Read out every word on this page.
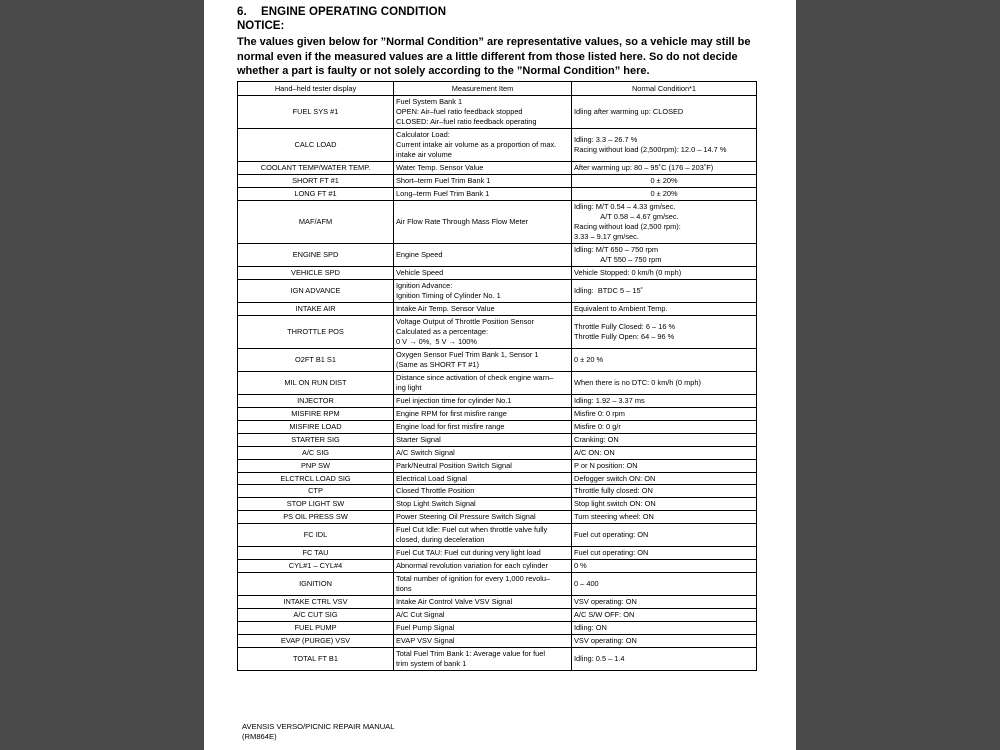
6. ENGINE OPERATING CONDITION
NOTICE:
The values given below for ”Normal Condition” are representative values, so a vehicle may still be normal even if the measured values are a little different from those listed here. So do not decide whether a part is faulty or not solely according to the ”Normal Condition” here.
Hand–held tester display	Measurement Item	Normal Condition*1
FUEL SYS #1	Fuel System Bank 1
OPEN: Air–fuel ratio feedback stopped
CLOSED: Air–fuel ratio feedback operating	Idling after warming up: CLOSED

CALC LOAD	Calculator Load:
Current intake air volume as a proportion of max.
intake air volume	Idling: 3.3 – 26.7 %
Racing without load (2,500rpm): 12.0 – 14.7 %

COOLANT TEMP/WATER TEMP.	Water Temp. Sensor Value	After warming up: 80 – 95˚C (176 – 203˚F)

SHORT FT #1	Short–term Fuel Trim Bank 1	0 ± 20%

LONG FT #1	Long–term Fuel Trim Bank 1	0 ± 20%

MAF/AFM	Air Flow Rate Through Mass Flow Meter	Idling: M/T 0.54 – 4.33 gm/sec.
A/T 0.58 – 4.67 gm/sec.
Racing without load (2,500 rpm):
3.33 – 9.17 gm/sec.

ENGINE SPD	Engine Speed	Idling: M/T 650 – 750 rpm
A/T 550 – 750 rpm

VEHICLE SPD	Vehicle Speed	Vehicle Stopped: 0 km/h (0 mph)

IGN ADVANCE	Ignition Advance:
Ignition Timing of Cylinder No. 1	Idling:  BTDC 5 – 15˚

INTAKE AIR	Intake Air Temp. Sensor Value	Equivalent to Ambient Temp.

THROTTLE POS	Voltage Output of Throttle Position Sensor
Calculated as a percentage:
0 V → 0%,  5 V → 100%	Throttle Fully Closed: 6 – 16 %
Throttle Fully Open: 64 – 96 %

O2FT B1 S1	Oxygen Sensor Fuel Trim Bank 1, Sensor 1
(Same as SHORT FT #1)	0 ± 20 %

MIL ON RUN DIST	Distance since activation of check engine warn–
ing light	When there is no DTC: 0 km/h (0 mph)

INJECTOR	Fuel injection time for cylinder No.1	Idling: 1.92 – 3.37 ms

MISFIRE RPM	Engine RPM for first misfire range	Misfire 0: 0 rpm

MISFIRE LOAD	Engine load for first misfire range	Misfire 0: 0 g/r

STARTER SIG	Starter Signal	Cranking: ON

A/C SIG	A/C Switch Signal	A/C ON: ON

PNP SW	Park/Neutral Position Switch Signal	P or N position: ON

ELCTRCL LOAD SIG	Electrical Load Signal	Defogger switch ON: ON

CTP	Closed Throttle Position	Throttle fully closed: ON

STOP LIGHT SW	Stop Light Switch Signal	Stop light switch ON: ON

PS OIL PRESS SW	Power Steering Oil Pressure Switch Signal	Turn steering wheel: ON

FC IDL	Fuel Cut Idle: Fuel cut when throttle valve fully
closed, during deceleration	Fuel cut operating: ON

FC TAU	Fuel Cut TAU: Fuel cut during very light load	Fuel cut operating: ON

CYL#1 – CYL#4	Abnormal revolution variation for each cylinder	0 %

IGNITION	Total number of ignition for every 1,000 revolu–
tions	0 – 400

INTAKE CTRL VSV	Intake Air Control Valve VSV Signal	VSV operating: ON

A/C CUT SIG	A/C Cut Signal	A/C S/W OFF: ON

FUEL PUMP	Fuel Pump Signal	Idling: ON

EVAP (PURGE) VSV	EVAP VSV Signal	VSV operating: ON

TOTAL FT B1	Total Fuel Trim Bank 1: Average value for fuel
trim system of bank 1	Idling: 0.5 – 1.4
AVENSIS VERSO/PICNIC REPAIR MANUAL
(RM864E)
